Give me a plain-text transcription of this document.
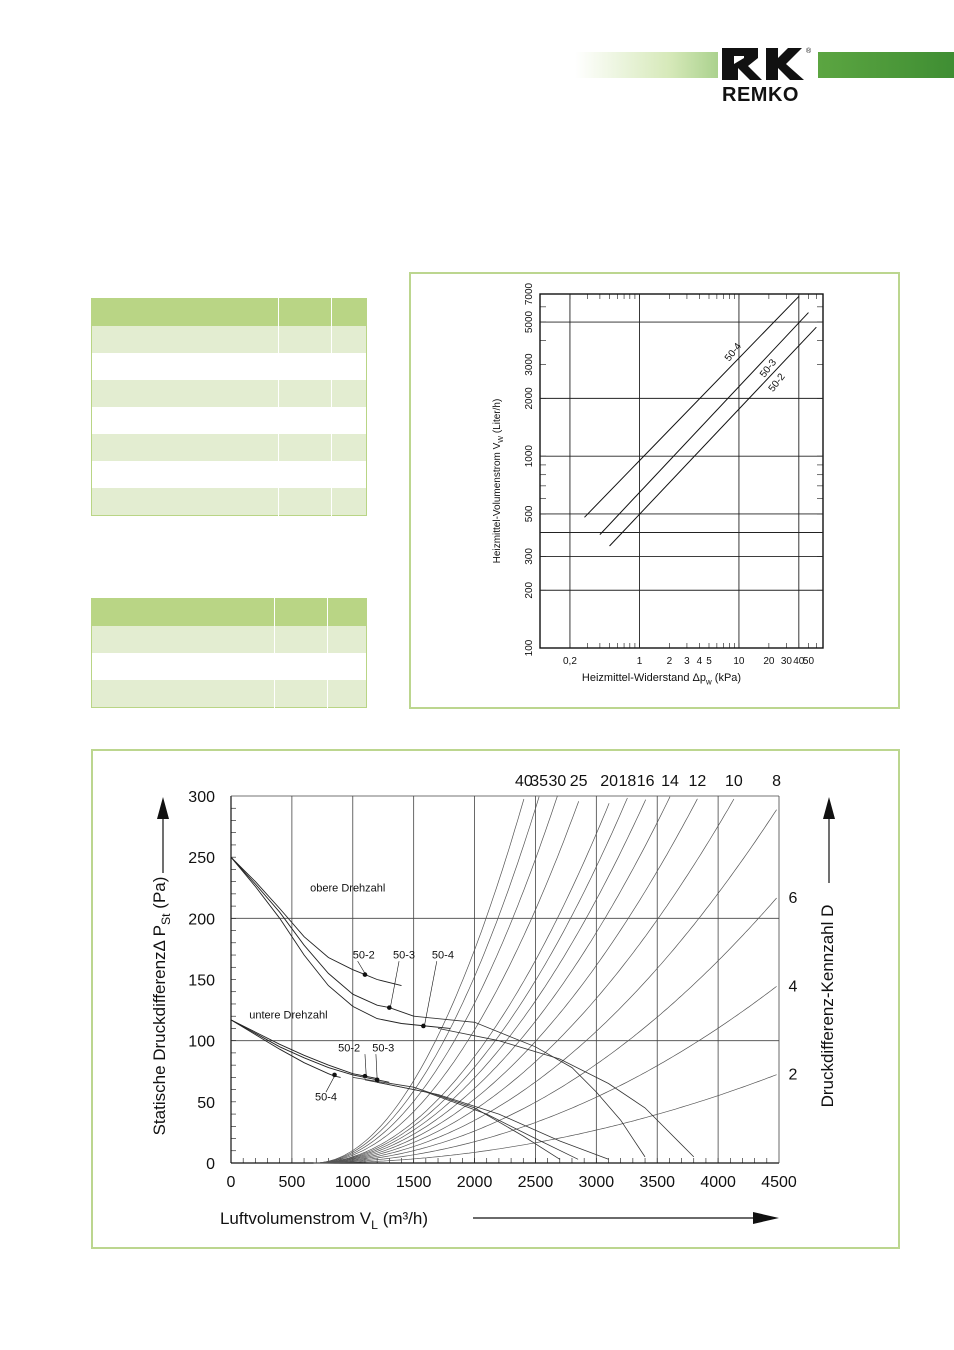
®
REMKO

0,2	1 2 3 4 5 10 20 30 40
50
100
200
300
500
1000
2000
3000
5000
7000
Heizmittel-Widerstand $\Delta p_w$ (kPa)
Heizmittel-Volumenstrom $V_W$ (Liter/h)
50-4
50-3
50-2
0	500 1000 1500 2000 2500 3000 3500 4000 4500
0
50
100
150
200
250
300
Luftvolumenstrom $V_L$ (m³/h)
Statische DruckdifferenzΔ $P_{St}$ (Pa)
Druckdifferenz-Kennzahl D
40
35 30 25 20 18 16 14 12 10 8
6
4
2
obere Drehzahl
untere Drehzahl
50-2 50-3 50-4
50-2 50-3
50-4
